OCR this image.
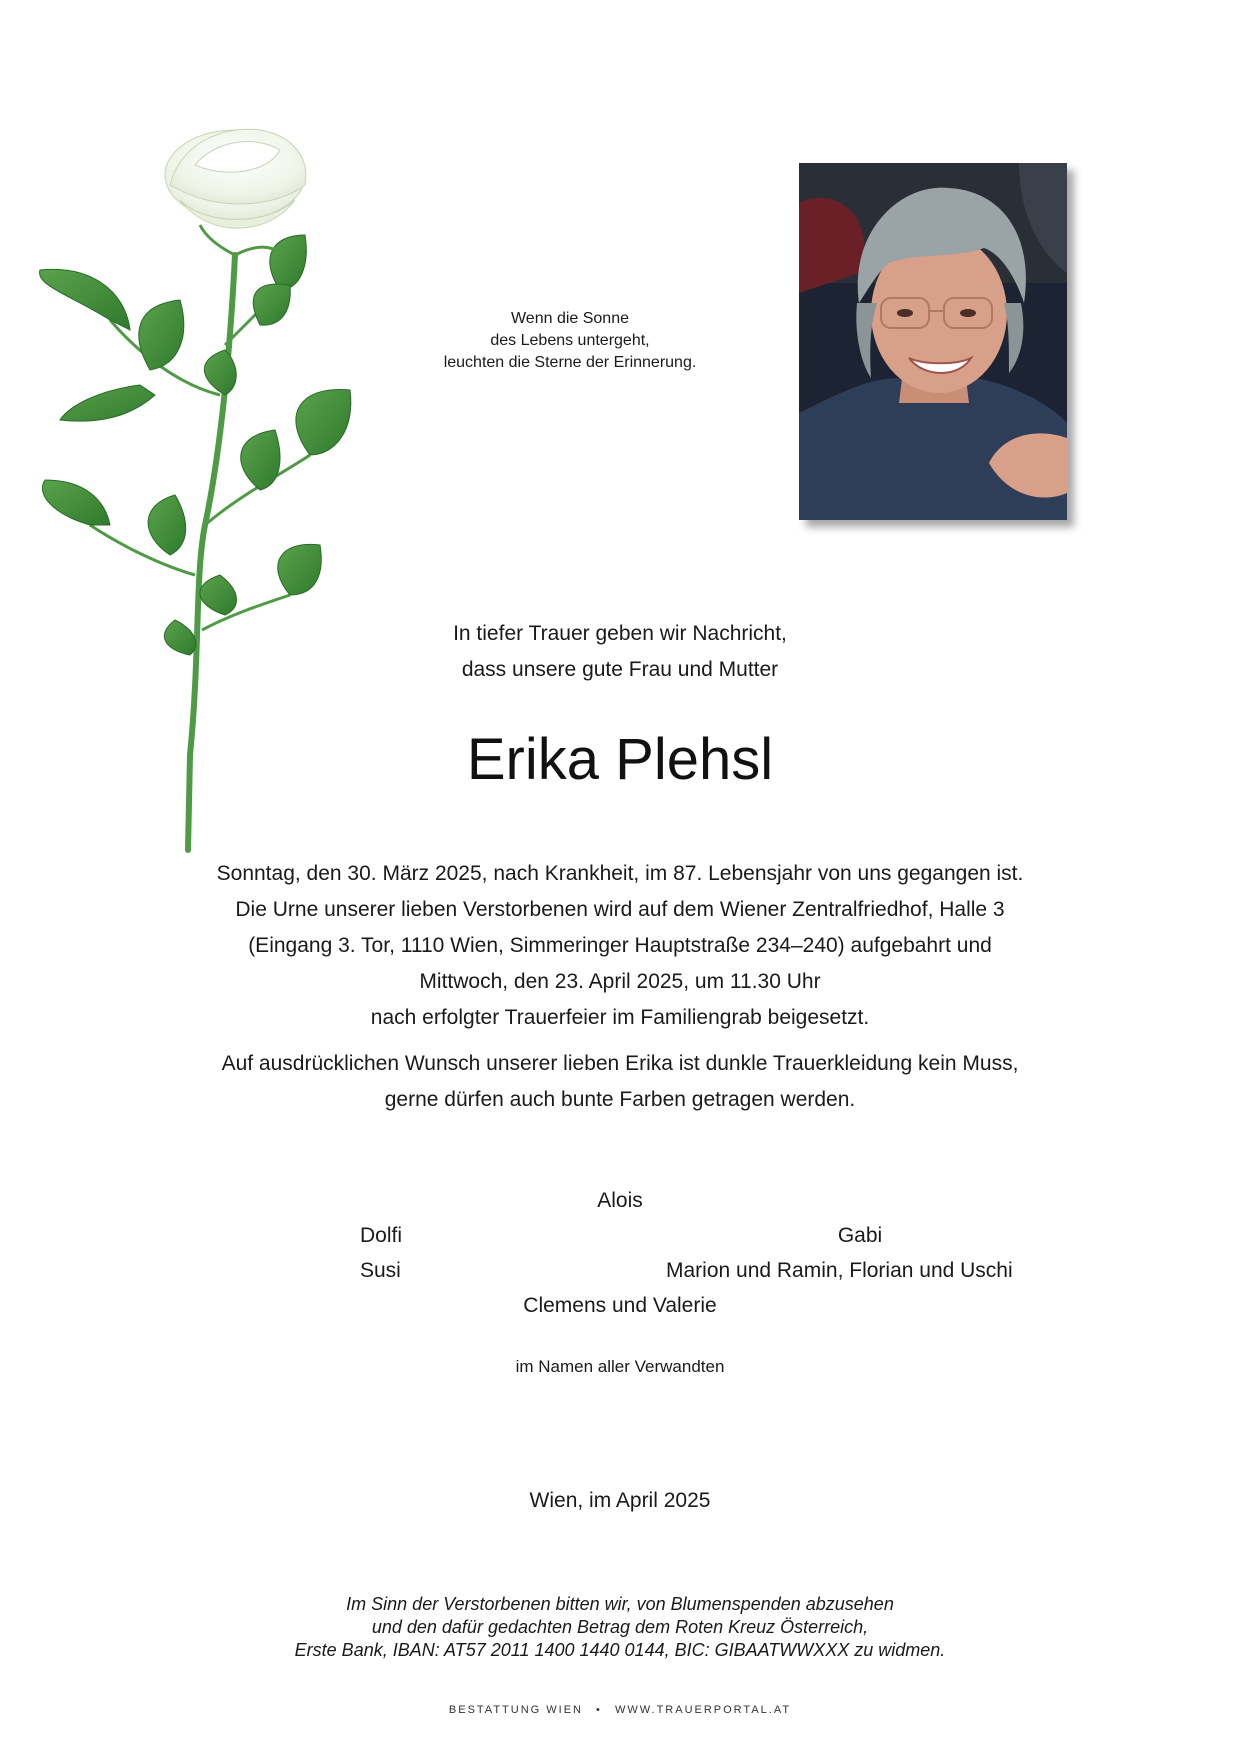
Wenn die Sonne
des Lebens untergeht,
leuchten die Sterne der Erinnerung.
In tiefer Trauer geben wir Nachricht,
dass unsere gute Frau und Mutter
Erika Plehsl

Sonntag, den 30. März 2025, nach Krankheit, im 87. Lebensjahr von uns gegangen ist.

Die Urne unserer lieben Verstorbenen wird auf dem Wiener Zentralfriedhof, Halle 3

(Eingang 3. Tor, 1110 Wien, Simmeringer Hauptstraße 234–240) aufgebahrt und

Mittwoch, den 23. April 2025, um 11.30 Uhr

nach erfolgter Trauerfeier im Familiengrab beigesetzt.

Auf ausdrücklichen Wunsch unserer lieben Erika ist dunkle Trauerkleidung kein Muss,

gerne dürfen auch bunte Farben getragen werden.

Alois
Dolfi
Susi
Gabi
Marion und Ramin, Florian und Uschi
Clemens und Valerie
im Namen aller Verwandten
Wien, im April 2025
Im Sinn der Verstorbenen bitten wir, von Blumenspenden abzusehen
und den dafür gedachten Betrag dem Roten Kreuz Österreich,
Erste Bank, IBAN: AT57 2011 1400 1440 0144, BIC: GIBAATWWXXX zu widmen.
BESTATTUNG WIEN • WWW.TRAUERPORTAL.AT
